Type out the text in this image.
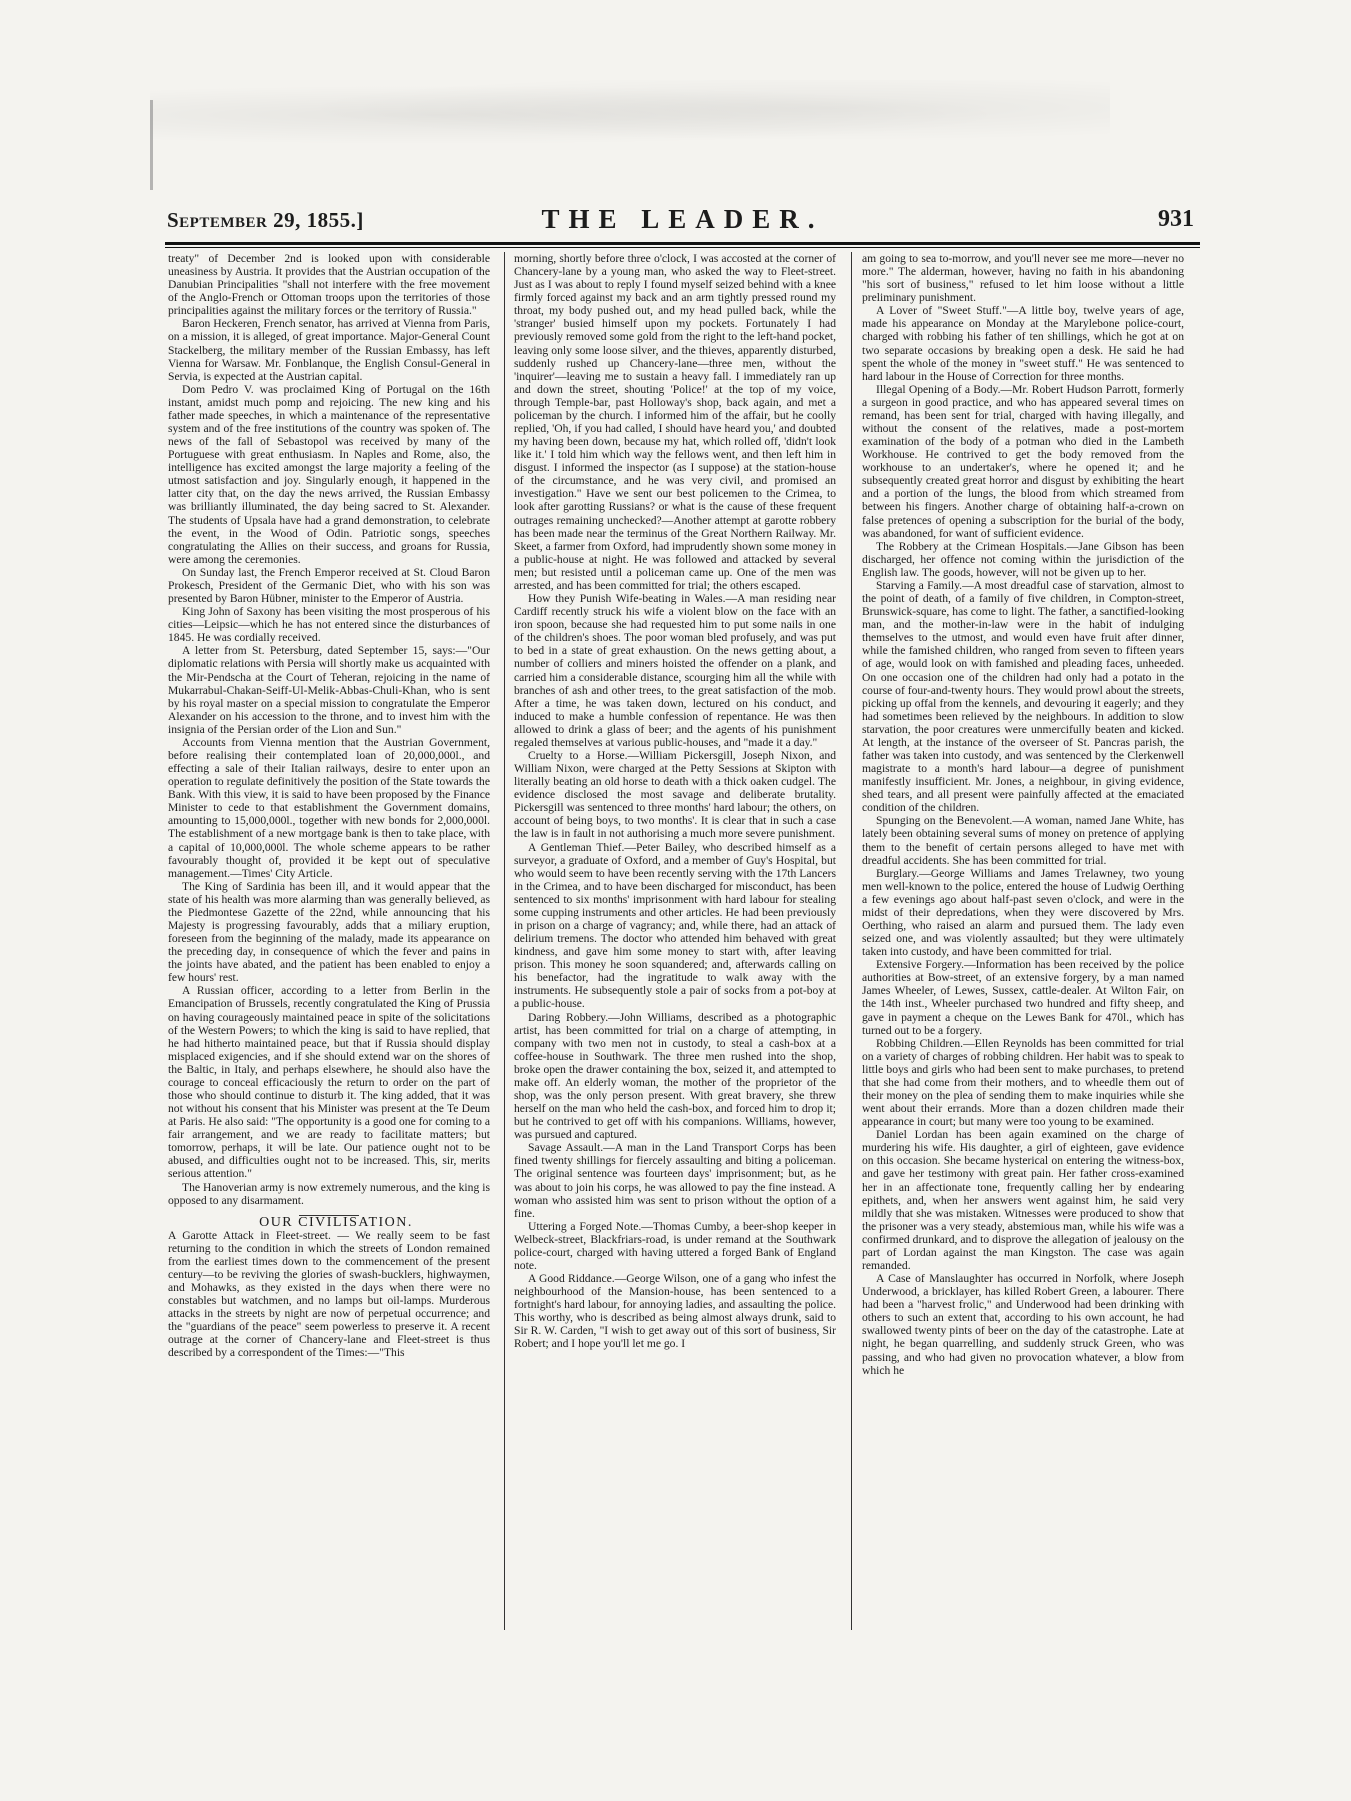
September 29, 1855.]	THE LEADER.	931

treaty" of December 2nd is looked upon with considerable uneasiness by Austria. It provides that the Austrian occupation of the Danubian Principalities "shall not interfere with the free movement of the Anglo-French or Ottoman troops upon the territories of those principalities against the military forces or the territory of Russia."

Baron Heckeren, French senator, has arrived at Vienna from Paris, on a mission, it is alleged, of great importance. Major-General Count Stackelberg, the military member of the Russian Embassy, has left Vienna for Warsaw. Mr. Fonblanque, the English Consul-General in Servia, is expected at the Austrian capital.

Dom Pedro V. was proclaimed King of Portugal on the 16th instant, amidst much pomp and rejoicing. The new king and his father made speeches, in which a maintenance of the representative system and of the free institutions of the country was spoken of. The news of the fall of Sebastopol was received by many of the Portuguese with great enthusiasm. In Naples and Rome, also, the intelligence has excited amongst the large majority a feeling of the utmost satisfaction and joy. Singularly enough, it happened in the latter city that, on the day the news arrived, the Russian Embassy was brilliantly illuminated, the day being sacred to St. Alexander. The students of Upsala have had a grand demonstration, to celebrate the event, in the Wood of Odin. Patriotic songs, speeches congratulating the Allies on their success, and groans for Russia, were among the ceremonies.

On Sunday last, the French Emperor received at St. Cloud Baron Prokesch, President of the Germanic Diet, who with his son was presented by Baron Hübner, minister to the Emperor of Austria.

King John of Saxony has been visiting the most prosperous of his cities—Leipsic—which he has not entered since the disturbances of 1845. He was cordially received.

A letter from St. Petersburg, dated September 15, says:—"Our diplomatic relations with Persia will shortly make us acquainted with the Mir-Pendscha at the Court of Teheran, rejoicing in the name of Mukarrabul-Chakan-Seiff-Ul-Melik-Abbas-Chuli-Khan, who is sent by his royal master on a special mission to congratulate the Emperor Alexander on his accession to the throne, and to invest him with the insignia of the Persian order of the Lion and Sun."

Accounts from Vienna mention that the Austrian Government, before realising their contemplated loan of 20,000,000l., and effecting a sale of their Italian railways, desire to enter upon an operation to regulate definitively the position of the State towards the Bank. With this view, it is said to have been proposed by the Finance Minister to cede to that establishment the Government domains, amounting to 15,000,000l., together with new bonds for 2,000,000l. The establishment of a new mortgage bank is then to take place, with a capital of 10,000,000l. The whole scheme appears to be rather favourably thought of, provided it be kept out of speculative management.—Times' City Article.

The King of Sardinia has been ill, and it would appear that the state of his health was more alarming than was generally believed, as the Piedmontese Gazette of the 22nd, while announcing that his Majesty is progressing favourably, adds that a miliary eruption, foreseen from the beginning of the malady, made its appearance on the preceding day, in consequence of which the fever and pains in the joints have abated, and the patient has been enabled to enjoy a few hours' rest.

A Russian officer, according to a letter from Berlin in the Emancipation of Brussels, recently congratulated the King of Prussia on having courageously maintained peace in spite of the solicitations of the Western Powers; to which the king is said to have replied, that he had hitherto maintained peace, but that if Russia should display misplaced exigencies, and if she should extend war on the shores of the Baltic, in Italy, and perhaps elsewhere, he should also have the courage to conceal efficaciously the return to order on the part of those who should continue to disturb it. The king added, that it was not without his consent that his Minister was present at the Te Deum at Paris. He also said: "The opportunity is a good one for coming to a fair arrangement, and we are ready to facilitate matters; but tomorrow, perhaps, it will be late. Our patience ought not to be abused, and difficulties ought not to be increased. This, sir, merits serious attention."

The Hanoverian army is now extremely numerous, and the king is opposed to any disarmament.

OUR CIVILISATION.

A Garotte Attack in Fleet-street. — We really seem to be fast returning to the condition in which the streets of London remained from the earliest times down to the commencement of the present century—to be reviving the glories of swash-bucklers, highwaymen, and Mohawks, as they existed in the days when there were no constables but watchmen, and no lamps but oil-lamps. Murderous attacks in the streets by night are now of perpetual occurrence; and the "guardians of the peace" seem powerless to preserve it. A recent outrage at the corner of Chancery-lane and Fleet-street is thus described by a correspondent of the Times:—"This

morning, shortly before three o'clock, I was accosted at the corner of Chancery-lane by a young man, who asked the way to Fleet-street. Just as I was about to reply I found myself seized behind with a knee firmly forced against my back and an arm tightly pressed round my throat, my body pushed out, and my head pulled back, while the 'stranger' busied himself upon my pockets. Fortunately I had previously removed some gold from the right to the left-hand pocket, leaving only some loose silver, and the thieves, apparently disturbed, suddenly rushed up Chancery-lane—three men, without the 'inquirer'—leaving me to sustain a heavy fall. I immediately ran up and down the street, shouting 'Police!' at the top of my voice, through Temple-bar, past Holloway's shop, back again, and met a policeman by the church. I informed him of the affair, but he coolly replied, 'Oh, if you had called, I should have heard you,' and doubted my having been down, because my hat, which rolled off, 'didn't look like it.' I told him which way the fellows went, and then left him in disgust. I informed the inspector (as I suppose) at the station-house of the circumstance, and he was very civil, and promised an investigation." Have we sent our best policemen to the Crimea, to look after garotting Russians? or what is the cause of these frequent outrages remaining unchecked?—Another attempt at garotte robbery has been made near the terminus of the Great Northern Railway. Mr. Skeet, a farmer from Oxford, had imprudently shown some money in a public-house at night. He was followed and attacked by several men; but resisted until a policeman came up. One of the men was arrested, and has been committed for trial; the others escaped.

How they Punish Wife-beating in Wales.—A man residing near Cardiff recently struck his wife a violent blow on the face with an iron spoon, because she had requested him to put some nails in one of the children's shoes. The poor woman bled profusely, and was put to bed in a state of great exhaustion. On the news getting about, a number of colliers and miners hoisted the offender on a plank, and carried him a considerable distance, scourging him all the while with branches of ash and other trees, to the great satisfaction of the mob. After a time, he was taken down, lectured on his conduct, and induced to make a humble confession of repentance. He was then allowed to drink a glass of beer; and the agents of his punishment regaled themselves at various public-houses, and "made it a day."

Cruelty to a Horse.—William Pickersgill, Joseph Nixon, and William Nixon, were charged at the Petty Sessions at Skipton with literally beating an old horse to death with a thick oaken cudgel. The evidence disclosed the most savage and deliberate brutality. Pickersgill was sentenced to three months' hard labour; the others, on account of being boys, to two months'. It is clear that in such a case the law is in fault in not authorising a much more severe punishment.

A Gentleman Thief.—Peter Bailey, who described himself as a surveyor, a graduate of Oxford, and a member of Guy's Hospital, but who would seem to have been recently serving with the 17th Lancers in the Crimea, and to have been discharged for misconduct, has been sentenced to six months' imprisonment with hard labour for stealing some cupping instruments and other articles. He had been previously in prison on a charge of vagrancy; and, while there, had an attack of delirium tremens. The doctor who attended him behaved with great kindness, and gave him some money to start with, after leaving prison. This money he soon squandered; and, afterwards calling on his benefactor, had the ingratitude to walk away with the instruments. He subsequently stole a pair of socks from a pot-boy at a public-house.

Daring Robbery.—John Williams, described as a photographic artist, has been committed for trial on a charge of attempting, in company with two men not in custody, to steal a cash-box at a coffee-house in Southwark. The three men rushed into the shop, broke open the drawer containing the box, seized it, and attempted to make off. An elderly woman, the mother of the proprietor of the shop, was the only person present. With great bravery, she threw herself on the man who held the cash-box, and forced him to drop it; but he contrived to get off with his companions. Williams, however, was pursued and captured.

Savage Assault.—A man in the Land Transport Corps has been fined twenty shillings for fiercely assaulting and biting a policeman. The original sentence was fourteen days' imprisonment; but, as he was about to join his corps, he was allowed to pay the fine instead. A woman who assisted him was sent to prison without the option of a fine.

Uttering a Forged Note.—Thomas Cumby, a beer-shop keeper in Welbeck-street, Blackfriars-road, is under remand at the Southwark police-court, charged with having uttered a forged Bank of England note.

A Good Riddance.—George Wilson, one of a gang who infest the neighbourhood of the Mansion-house, has been sentenced to a fortnight's hard labour, for annoying ladies, and assaulting the police. This worthy, who is described as being almost always drunk, said to Sir R. W. Carden, "I wish to get away out of this sort of business, Sir Robert; and I hope you'll let me go. I

am going to sea to-morrow, and you'll never see me more—never no more." The alderman, however, having no faith in his abandoning "his sort of business," refused to let him loose without a little preliminary punishment.

A Lover of "Sweet Stuff."—A little boy, twelve years of age, made his appearance on Monday at the Marylebone police-court, charged with robbing his father of ten shillings, which he got at on two separate occasions by breaking open a desk. He said he had spent the whole of the money in "sweet stuff." He was sentenced to hard labour in the House of Correction for three months.

Illegal Opening of a Body.—Mr. Robert Hudson Parrott, formerly a surgeon in good practice, and who has appeared several times on remand, has been sent for trial, charged with having illegally, and without the consent of the relatives, made a post-mortem examination of the body of a potman who died in the Lambeth Workhouse. He contrived to get the body removed from the workhouse to an undertaker's, where he opened it; and he subsequently created great horror and disgust by exhibiting the heart and a portion of the lungs, the blood from which streamed from between his fingers. Another charge of obtaining half-a-crown on false pretences of opening a subscription for the burial of the body, was abandoned, for want of sufficient evidence.

The Robbery at the Crimean Hospitals.—Jane Gibson has been discharged, her offence not coming within the jurisdiction of the English law. The goods, however, will not be given up to her.

Starving a Family.—A most dreadful case of starvation, almost to the point of death, of a family of five children, in Compton-street, Brunswick-square, has come to light. The father, a sanctified-looking man, and the mother-in-law were in the habit of indulging themselves to the utmost, and would even have fruit after dinner, while the famished children, who ranged from seven to fifteen years of age, would look on with famished and pleading faces, unheeded. On one occasion one of the children had only had a potato in the course of four-and-twenty hours. They would prowl about the streets, picking up offal from the kennels, and devouring it eagerly; and they had sometimes been relieved by the neighbours. In addition to slow starvation, the poor creatures were unmercifully beaten and kicked. At length, at the instance of the overseer of St. Pancras parish, the father was taken into custody, and was sentenced by the Clerkenwell magistrate to a month's hard labour—a degree of punishment manifestly insufficient. Mr. Jones, a neighbour, in giving evidence, shed tears, and all present were painfully affected at the emaciated condition of the children.

Spunging on the Benevolent.—A woman, named Jane White, has lately been obtaining several sums of money on pretence of applying them to the benefit of certain persons alleged to have met with dreadful accidents. She has been committed for trial.

Burglary.—George Williams and James Trelawney, two young men well-known to the police, entered the house of Ludwig Oerthing a few evenings ago about half-past seven o'clock, and were in the midst of their depredations, when they were discovered by Mrs. Oerthing, who raised an alarm and pursued them. The lady even seized one, and was violently assaulted; but they were ultimately taken into custody, and have been committed for trial.

Extensive Forgery.—Information has been received by the police authorities at Bow-street, of an extensive forgery, by a man named James Wheeler, of Lewes, Sussex, cattle-dealer. At Wilton Fair, on the 14th inst., Wheeler purchased two hundred and fifty sheep, and gave in payment a cheque on the Lewes Bank for 470l., which has turned out to be a forgery.

Robbing Children.—Ellen Reynolds has been committed for trial on a variety of charges of robbing children. Her habit was to speak to little boys and girls who had been sent to make purchases, to pretend that she had come from their mothers, and to wheedle them out of their money on the plea of sending them to make inquiries while she went about their errands. More than a dozen children made their appearance in court; but many were too young to be examined.

Daniel Lordan has been again examined on the charge of murdering his wife. His daughter, a girl of eighteen, gave evidence on this occasion. She became hysterical on entering the witness-box, and gave her testimony with great pain. Her father cross-examined her in an affectionate tone, frequently calling her by endearing epithets, and, when her answers went against him, he said very mildly that she was mistaken. Witnesses were produced to show that the prisoner was a very steady, abstemious man, while his wife was a confirmed drunkard, and to disprove the allegation of jealousy on the part of Lordan against the man Kingston. The case was again remanded.

A Case of Manslaughter has occurred in Norfolk, where Joseph Underwood, a bricklayer, has killed Robert Green, a labourer. There had been a "harvest frolic," and Underwood had been drinking with others to such an extent that, according to his own account, he had swallowed twenty pints of beer on the day of the catastrophe. Late at night, he began quarrelling, and suddenly struck Green, who was passing, and who had given no provocation whatever, a blow from which he
